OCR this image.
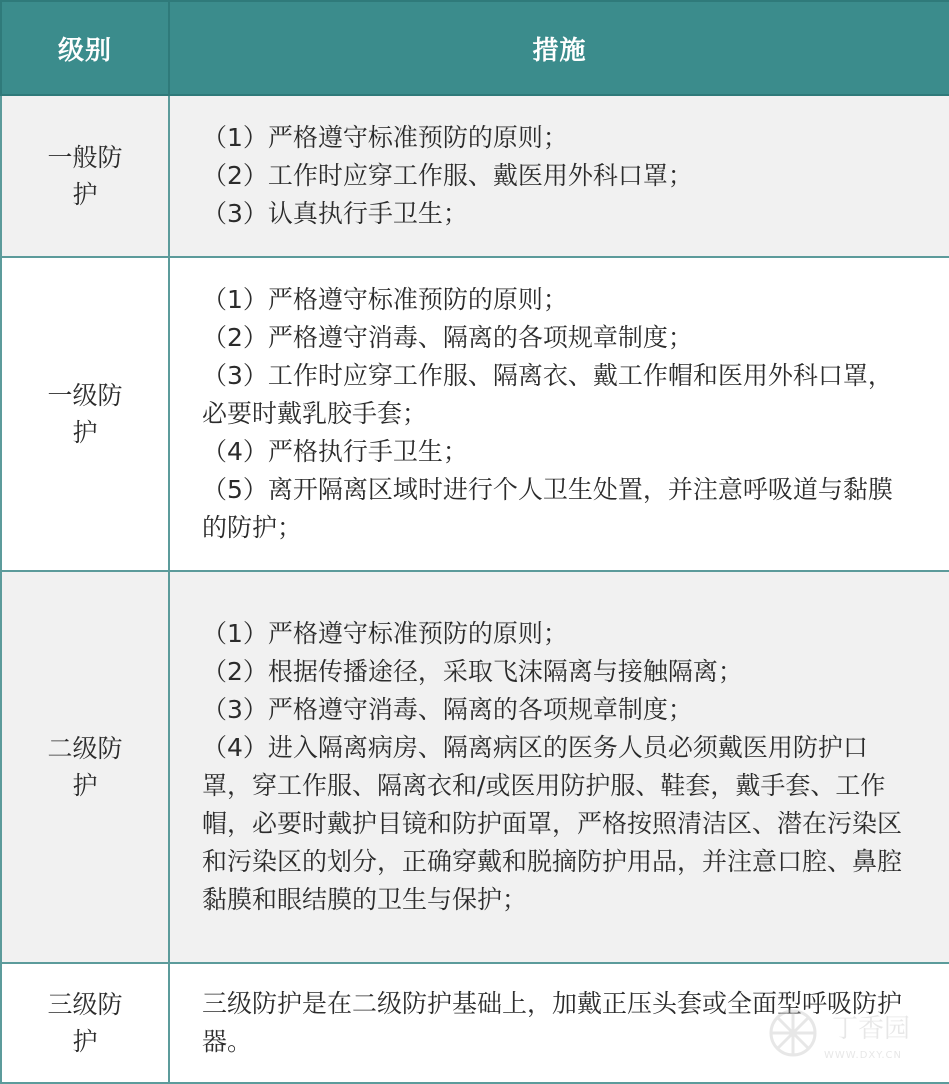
级别	措施
一般防护	（1）严格遵守标准预防的原则；
（2）工作时应穿工作服、戴医用外科口罩；
（3）认真执行手卫生；

一级防护	（1）严格遵守标准预防的原则；
（2）严格遵守消毒、隔离的各项规章制度；
（3）工作时应穿工作服、隔离衣、戴工作帽和医用外科口罩，必要时戴乳胶手套；
（4）严格执行手卫生；
（5）离开隔离区域时进行个人卫生处置，并注意呼吸道与黏膜的防护；

二级防护	（1）严格遵守标准预防的原则；
（2）根据传播途径，采取飞沫隔离与接触隔离；
（3）严格遵守消毒、隔离的各项规章制度；
（4）进入隔离病房、隔离病区的医务人员必须戴医用防护口罩，穿工作服、隔离衣和/或医用防护服、鞋套，戴手套、工作帽，必要时戴护目镜和防护面罩，严格按照清洁区、潜在污染区和污染区的划分，正确穿戴和脱摘防护用品，并注意口腔、鼻腔黏膜和眼结膜的卫生与保护；

三级防护	三级防护是在二级防护基础上，加戴正压头套或全面型呼吸防护器。	丁香园
WWW.DXY.CN
